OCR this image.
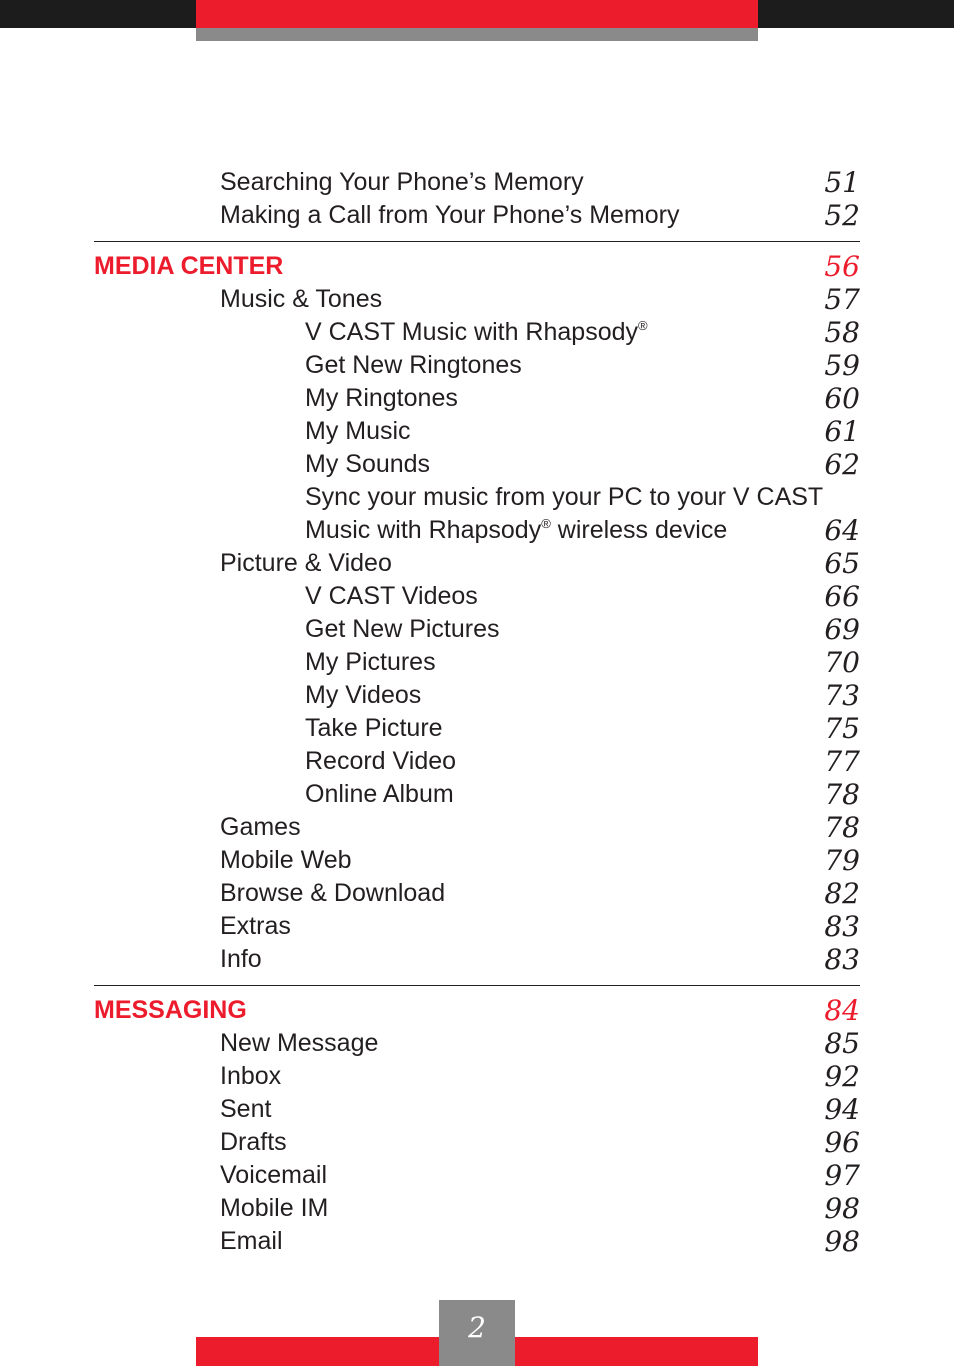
Searching Your Phone’s Memory	51
Making a Call from Your Phone’s Memory	52
MEDIA CENTER	56
Music & Tones	57
V CAST Music with Rhapsody®	58
Get New Ringtones	59
My Ringtones	60
My Music	61
My Sounds	62
Sync your music from your PC to your V CAST
Music with Rhapsody® wireless device	64
Picture & Video	65
V CAST Videos	66
Get New Pictures	69
My Pictures	70
My Videos	73
Take Picture	75
Record Video	77
Online Album	78
Games	78
Mobile Web	79
Browse & Download	82
Extras	83
Info	83
MESSAGING	84
New Message	85
Inbox	92
Sent	94
Drafts	96
Voicemail	97
Mobile IM	98
Email	98
2
